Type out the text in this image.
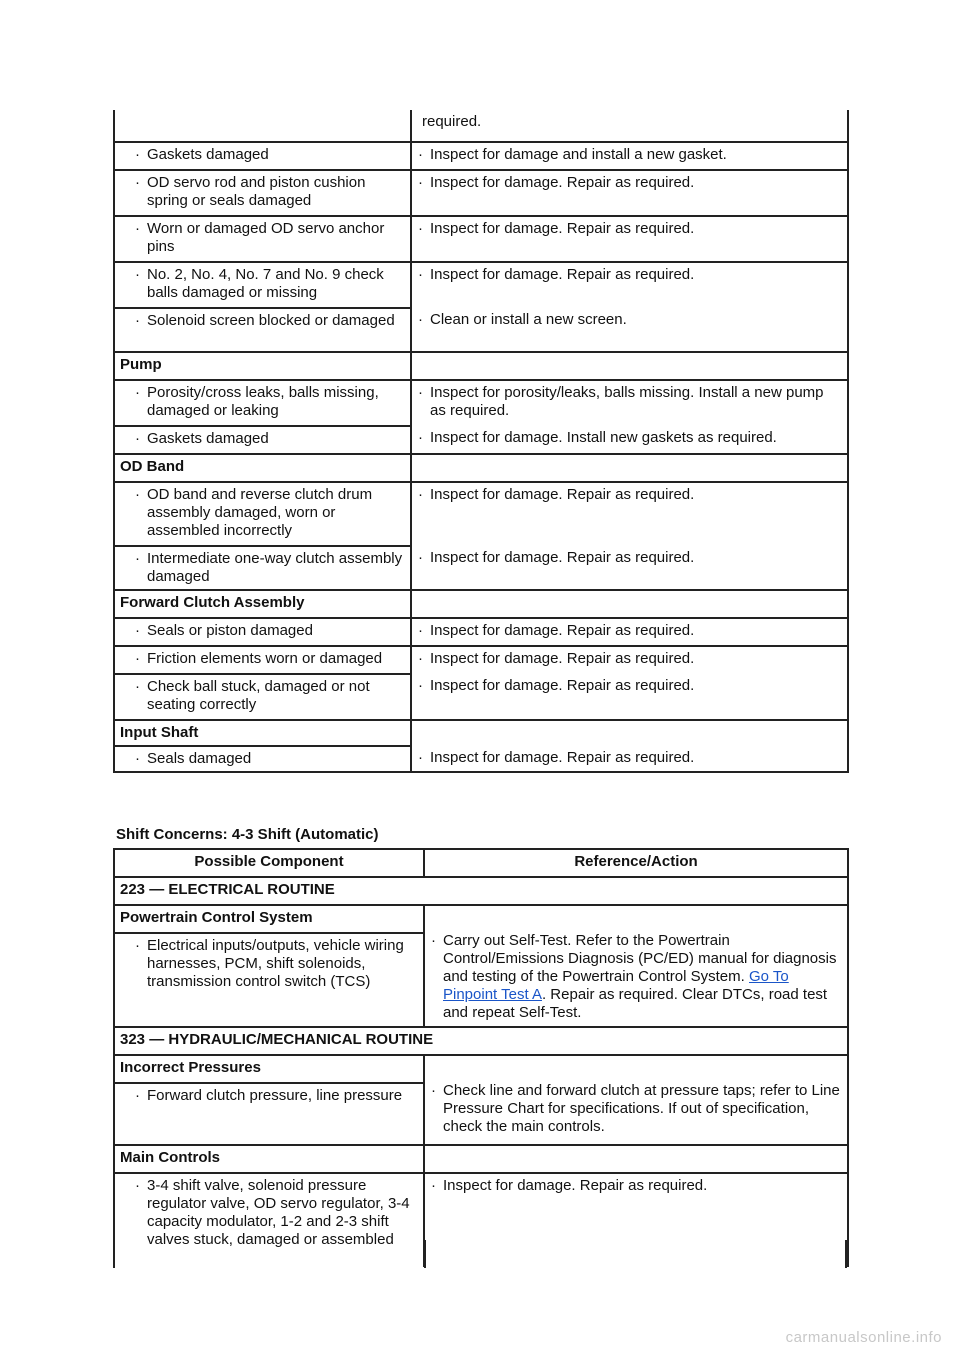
	required.

· Gaskets damaged	· Inspect for damage and install a new gasket.

· OD servo rod and piston cushion spring or seals damaged	· Inspect for damage. Repair as required.

· Worn or damaged OD servo anchor pins	· Inspect for damage. Repair as required.

· No. 2, No. 4, No. 7 and No. 9 check balls damaged or missing	· Inspect for damage. Repair as required.

· Solenoid screen blocked or damaged	· Clean or install a new screen.

Pump	

· Porosity/cross leaks, balls missing, damaged or leaking	· Inspect for porosity/leaks, balls missing. Install a new pump as required.

· Gaskets damaged	· Inspect for damage. Install new gaskets as required.

OD Band	

· OD band and reverse clutch drum assembly damaged, worn or assembled incorrectly	· Inspect for damage. Repair as required.

· Intermediate one-way clutch assembly damaged	· Inspect for damage. Repair as required.

Forward Clutch Assembly	

· Seals or piston damaged	· Inspect for damage. Repair as required.

· Friction elements worn or damaged	· Inspect for damage. Repair as required.

· Check ball stuck, damaged or not seating correctly	· Inspect for damage. Repair as required.

Input Shaft	

· Seals damaged	· Inspect for damage. Repair as required.
Shift Concerns: 4-3 Shift (Automatic)
Possible Component	Reference/Action
223 — ELECTRICAL ROUTINE	
Powertrain Control System	· Carry out Self-Test. Refer to the Powertrain Control/Emissions Diagnosis (PC/ED) manual for diagnosis and testing of the Powertrain Control System. Go To Pinpoint Test A. Repair as required. Clear DTCs, road test and repeat Self-Test.

· Electrical inputs/outputs, vehicle wiring harnesses, PCM, shift solenoids, transmission control switch (TCS)	

323 — HYDRAULIC/MECHANICAL ROUTINE	
Incorrect Pressures	· Check line and forward clutch at pressure taps; refer to Line Pressure Chart for specifications. If out of specification, check the main controls.

· Forward clutch pressure, line pressure	

Main Controls	

· 3-4 shift valve, solenoid pressure regulator valve, OD servo regulator, 3-4 capacity modulator, 1-2 and 2-3 shift valves stuck, damaged or assembled	· Inspect for damage. Repair as required.
carmanualsonline.info
